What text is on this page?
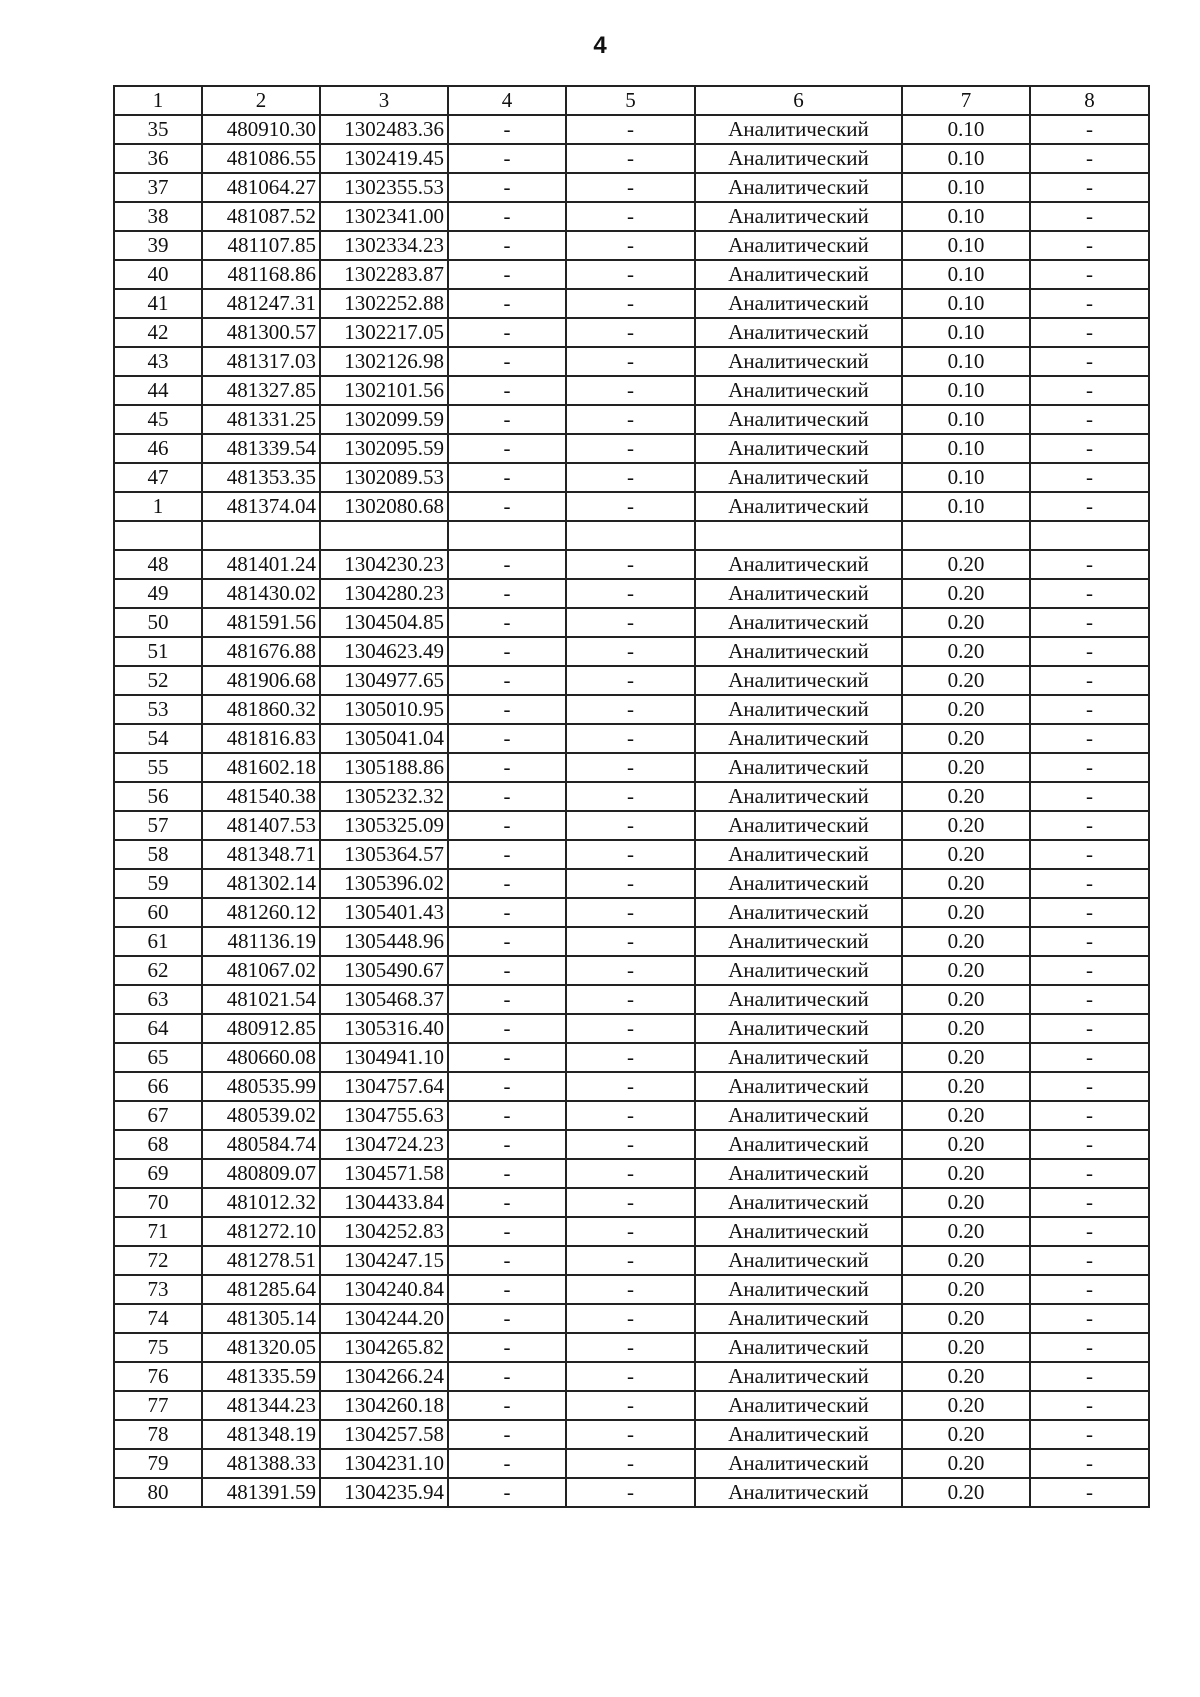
4
1	2	3	4	5	6	7	8
35	480910.30	1302483.36	-	-	Аналитический	0.10	-
36	481086.55	1302419.45	-	-	Аналитический	0.10	-
37	481064.27	1302355.53	-	-	Аналитический	0.10	-
38	481087.52	1302341.00	-	-	Аналитический	0.10	-
39	481107.85	1302334.23	-	-	Аналитический	0.10	-
40	481168.86	1302283.87	-	-	Аналитический	0.10	-
41	481247.31	1302252.88	-	-	Аналитический	0.10	-
42	481300.57	1302217.05	-	-	Аналитический	0.10	-
43	481317.03	1302126.98	-	-	Аналитический	0.10	-
44	481327.85	1302101.56	-	-	Аналитический	0.10	-
45	481331.25	1302099.59	-	-	Аналитический	0.10	-
46	481339.54	1302095.59	-	-	Аналитический	0.10	-
47	481353.35	1302089.53	-	-	Аналитический	0.10	-
1	481374.04	1302080.68	-	-	Аналитический	0.10	-

48	481401.24	1304230.23	-	-	Аналитический	0.20	-
49	481430.02	1304280.23	-	-	Аналитический	0.20	-
50	481591.56	1304504.85	-	-	Аналитический	0.20	-
51	481676.88	1304623.49	-	-	Аналитический	0.20	-
52	481906.68	1304977.65	-	-	Аналитический	0.20	-
53	481860.32	1305010.95	-	-	Аналитический	0.20	-
54	481816.83	1305041.04	-	-	Аналитический	0.20	-
55	481602.18	1305188.86	-	-	Аналитический	0.20	-
56	481540.38	1305232.32	-	-	Аналитический	0.20	-
57	481407.53	1305325.09	-	-	Аналитический	0.20	-
58	481348.71	1305364.57	-	-	Аналитический	0.20	-
59	481302.14	1305396.02	-	-	Аналитический	0.20	-
60	481260.12	1305401.43	-	-	Аналитический	0.20	-
61	481136.19	1305448.96	-	-	Аналитический	0.20	-
62	481067.02	1305490.67	-	-	Аналитический	0.20	-
63	481021.54	1305468.37	-	-	Аналитический	0.20	-
64	480912.85	1305316.40	-	-	Аналитический	0.20	-
65	480660.08	1304941.10	-	-	Аналитический	0.20	-
66	480535.99	1304757.64	-	-	Аналитический	0.20	-
67	480539.02	1304755.63	-	-	Аналитический	0.20	-
68	480584.74	1304724.23	-	-	Аналитический	0.20	-
69	480809.07	1304571.58	-	-	Аналитический	0.20	-
70	481012.32	1304433.84	-	-	Аналитический	0.20	-
71	481272.10	1304252.83	-	-	Аналитический	0.20	-
72	481278.51	1304247.15	-	-	Аналитический	0.20	-
73	481285.64	1304240.84	-	-	Аналитический	0.20	-
74	481305.14	1304244.20	-	-	Аналитический	0.20	-
75	481320.05	1304265.82	-	-	Аналитический	0.20	-
76	481335.59	1304266.24	-	-	Аналитический	0.20	-
77	481344.23	1304260.18	-	-	Аналитический	0.20	-
78	481348.19	1304257.58	-	-	Аналитический	0.20	-
79	481388.33	1304231.10	-	-	Аналитический	0.20	-
80	481391.59	1304235.94	-	-	Аналитический	0.20	-
